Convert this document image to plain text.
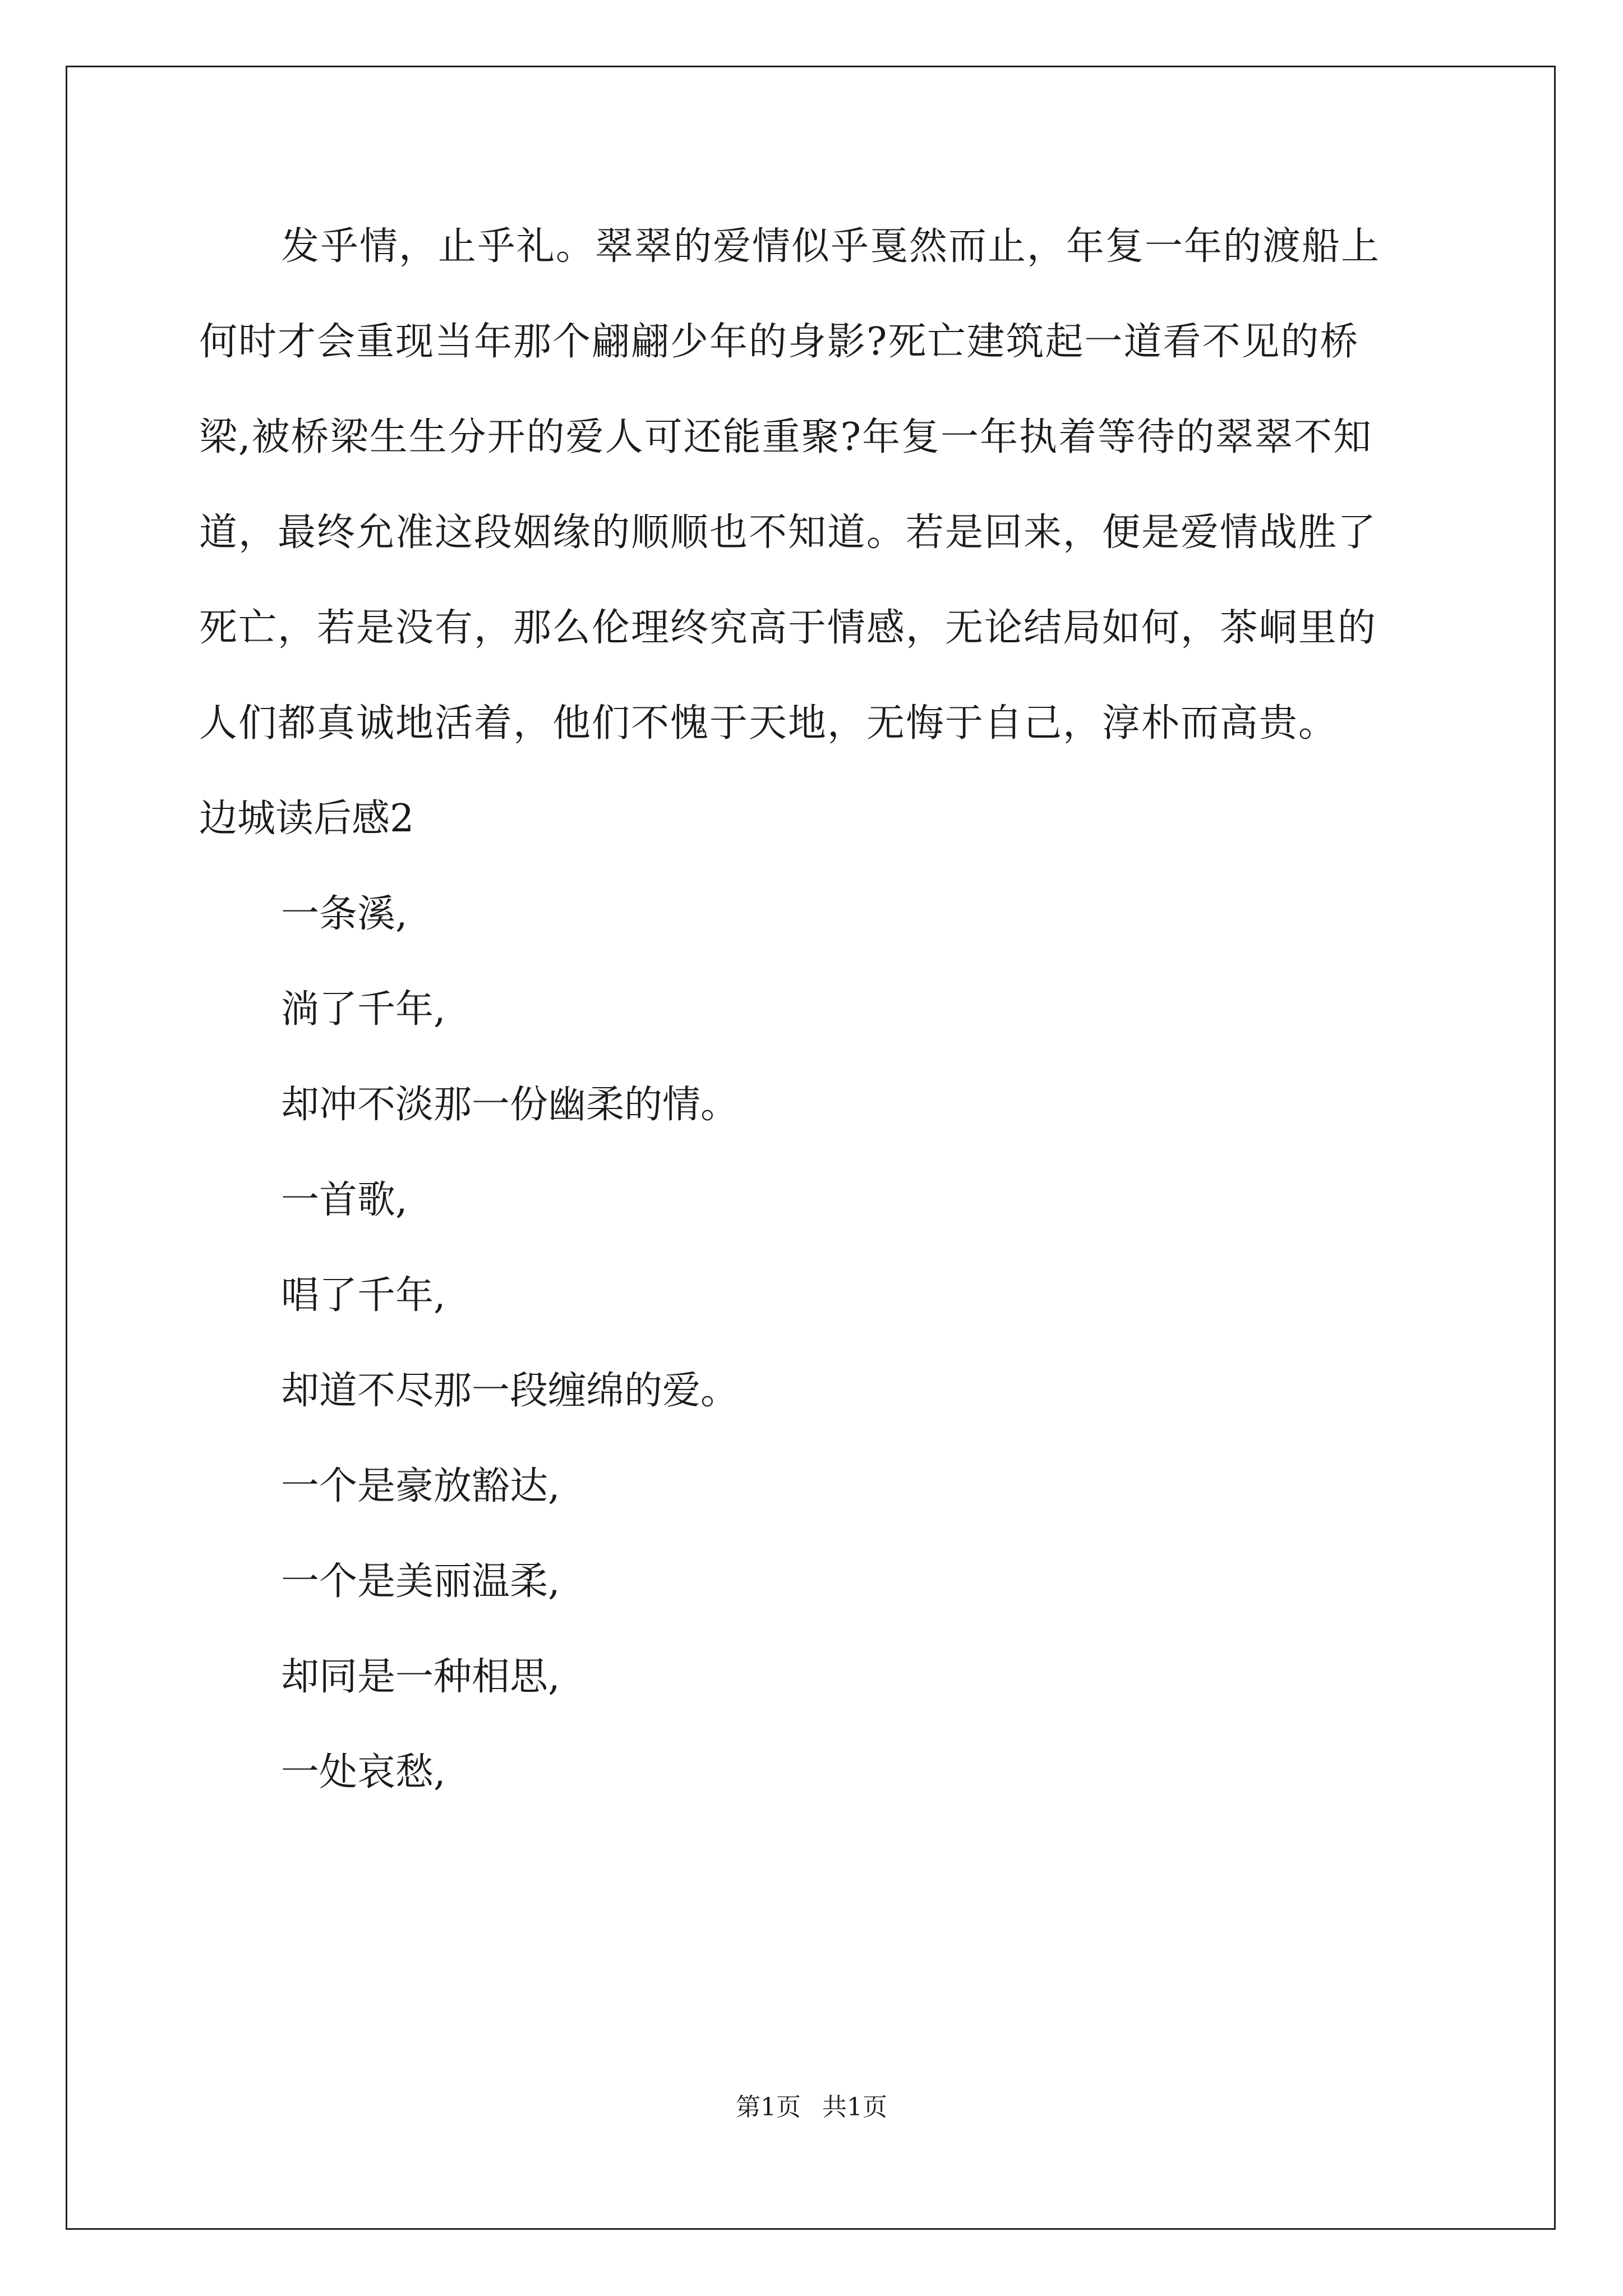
发乎情，止乎礼。翠翠的爱情似乎戛然而止，年复一年的渡船上
何时才会重现当年那个翩翩少年的身影?死亡建筑起一道看不见的桥
梁,被桥梁生生分开的爱人可还能重聚?年复一年执着等待的翠翠不知
道，最终允准这段姻缘的顺顺也不知道。若是回来，便是爱情战胜了
死亡，若是没有，那么伦理终究高于情感，无论结局如何，茶峒里的
人们都真诚地活着，他们不愧于天地，无悔于自己，淳朴而高贵。
边城读后感2
一条溪,
淌了千年,
却冲不淡那一份幽柔的情。
一首歌,
唱了千年,
却道不尽那一段缠绵的爱。
一个是豪放豁达,
一个是美丽温柔,
却同是一种相思,
一处哀愁,
第1页 共1页
